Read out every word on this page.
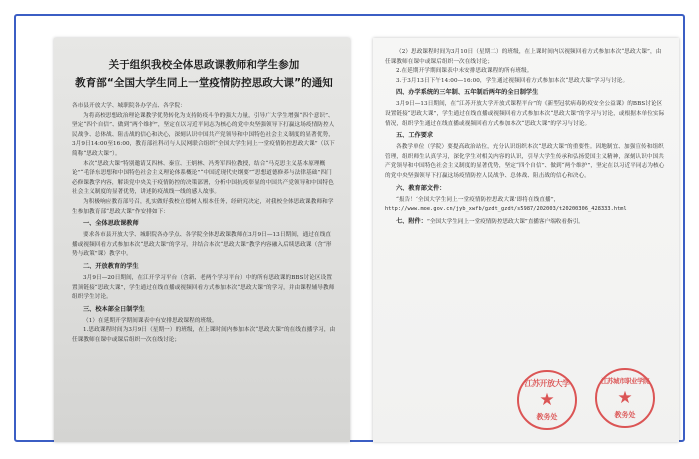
关于组织我校全体思政课教师和学生参加

教育部“全国大学生同上一堂疫情防控思政大课”的通知

各市县开放大学、城职院各办学点、各学院：

为将高校思想政治理论课教学优势转化为支持防疫斗争的强大力量，引导广大学生增强“四个意识”、坚定“四个自信”、做到“两个维护”，坚定在以习近平同志为核心的党中央坚强领导下打赢这场疫情防控人民战争、总体战、阻击战的信心和决心，深刻认识中国共产党领导和中国特色社会主义制度的显著优势，3月9日14:00至16:00，教育部社科司与人民网联合组织“全国大学生同上一堂疫情防控思政大课”（以下简称“思政大课”）。

本次“思政大课”特别邀请艾四林、秦宣、王炳林、冯秀军四位教授，结合“马克思主义基本原理概论”“毛泽东思想和中国特色社会主义理论体系概论”“中国近现代史纲要”“思想道德修养与法律基础”四门必修课教学内容，解读党中央关于疫情防控的决策部署，分析中国抗疫彰显的中国共产党领导和中国特色社会主义制度的显著优势，讲述防疫战线一线的感人故事。

为积极响应教育部号召，扎实做好我校立德树人根本任务，经研究决定，对我校全体思政课教师和学生参加教育部“思政大课”作安排如下：

一、全体思政课教师

要求各市县开放大学、城职院各办学点、各学院全体思政课教师在3月9日—13日期间，通过在线直播或视频回看方式参加本次“思政大课”的学习，并结合本次“思政大课”教学内容融入后续思政课（含“形势与政策”课）教学中。

二、开放教育的学生

3月9日—20日期间，在江开学习平台（含新、老两个学习平台）中的所有思政课的BBS讨论区设置置顶链接“思政大课”，学生通过在线直播或视频回看方式参加本次“思政大课”的学习，并由课程辅导教师组织学生讨论。

三、校本部全日制学生

（1）在延期开学期间课表中有安排思政课程的班级。

1.思政课程时间为3月9日（星期一）的班级，在上课时间内参加本次“思政大课”的在线直播学习，由任课教师在课中或课后组织一次在线讨论；

（2）思政课程时间为3月10日（星期二）的班级，在上课时间内以视频回看方式参加本次“思政大课”，由任课教师在课中或课后组织一次在线讨论；

2.在延期开学期间课表中未安排思政课程的所有班级。

3.于3月13日下午14:00—16:00，学生通过视频回看方式参加本次“思政大课”学习与讨论。

四、办学系统的三年制、五年制后两年的全日制学生

3月9日—13日期间，在“江苏开放大学开放式课程平台”的《新型冠状病毒防疫安全公益课》的BBS讨论区设置链接“思政大课”，学生通过在线直播或视频回看方式参加本次“思政大课”的学习与讨论，或根据本单位实际情况，组织学生通过在线直播或视频回看方式参加本次“思政大课”的学习与讨论。

五、工作要求

各教学单位（学院）要提高政治站位，充分认识组织本次“思政大课”的重要性。因地制宜、加强宣传和组织管理，组织师生认真学习，深化学生对相关内容的认识，引导大学生传承和弘扬爱国主义精神，深刻认识中国共产党领导和中国特色社会主义制度的显著优势，坚定“四个自信”、做到“两个维护”，坚定在以习近平同志为核心的党中央坚强领导下打赢这场疫情防控人民战争、总体战、阻击战的信心和决心。

六、教育部文件：

“报告！‘全国大学生同上一堂疫情防控思政大课’即将在线直播”，

http://www.moe.gov.cn/jyb_xwfb/gzdt_gzdt/s5987/202003/t20200306_428333.html

七、附件：“全国大学生同上一堂疫情防控思政大课”直播客户端收看指引。
江苏开放大学
★
教务处
江苏城市职业学院
★
教务处
